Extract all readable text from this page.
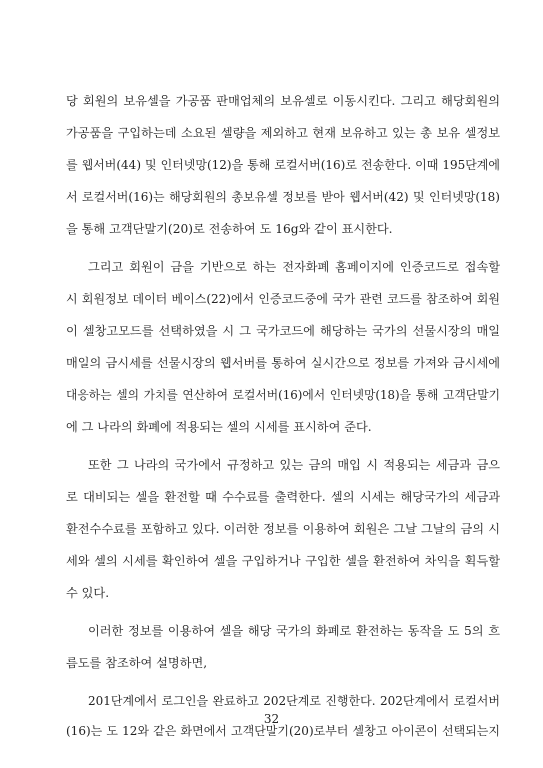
당 회원의 보유셀을 가공품 판매업체의 보유셀로 이동시킨다. 그리고 해당회원의
가공품을 구입하는데 소요된 셀량을 제외하고 현재 보유하고 있는 총 보유 셀정보
를 웹서버(44) 및 인터넷망(12)을 통해 로컬서버(16)로 전송한다. 이때 195단계에
서 로컬서버(16)는 해당회원의 총보유셀 정보를 받아 웹서버(42) 및 인터넷망(18)
을 통해 고객단말기(20)로 전송하여 도 16g와 같이 표시한다.
그리고 회원이 금을 기반으로 하는 전자화폐 홈페이지에 인증코드로 접속할
시 회원정보 데이터 베이스(22)에서 인증코드중에 국가 관련 코드를 참조하여 회원
이 셀창고모드를 선택하였을 시 그 국가코드에 해당하는 국가의 선물시장의 매일
매일의 금시세를 선물시장의 웹서버를 통하여 실시간으로 정보를 가져와 금시세에
대응하는 셀의 가치를 연산하여 로컬서버(16)에서 인터넷망(18)을 통해 고객단말기
에 그 나라의 화폐에 적용되는 셀의 시세를 표시하여 준다.
또한 그 나라의 국가에서 규정하고 있는 금의 매입 시 적용되는 세금과 금으
로 대비되는 셀을 환전할 때 수수료를 출력한다. 셀의 시세는 해당국가의 세금과
환전수수료를 포함하고 있다. 이러한 정보를 이용하여 회원은 그날 그날의 금의 시
세와 셀의 시세를 확인하여 셀을 구입하거나 구입한 셀을 환전하여 차익을 획득할
수 있다.
이러한 정보를 이용하여 셀을 해당 국가의 화폐로 환전하는 동작을 도 5의 흐
름도를 참조하여 설명하면,
201단계에서 로그인을 완료하고 202단계로 진행한다. 202단계에서 로컬서버
(16)는 도 12와 같은 화면에서 고객단말기(20)로부터 셀창고 아이콘이 선택되는지
32
